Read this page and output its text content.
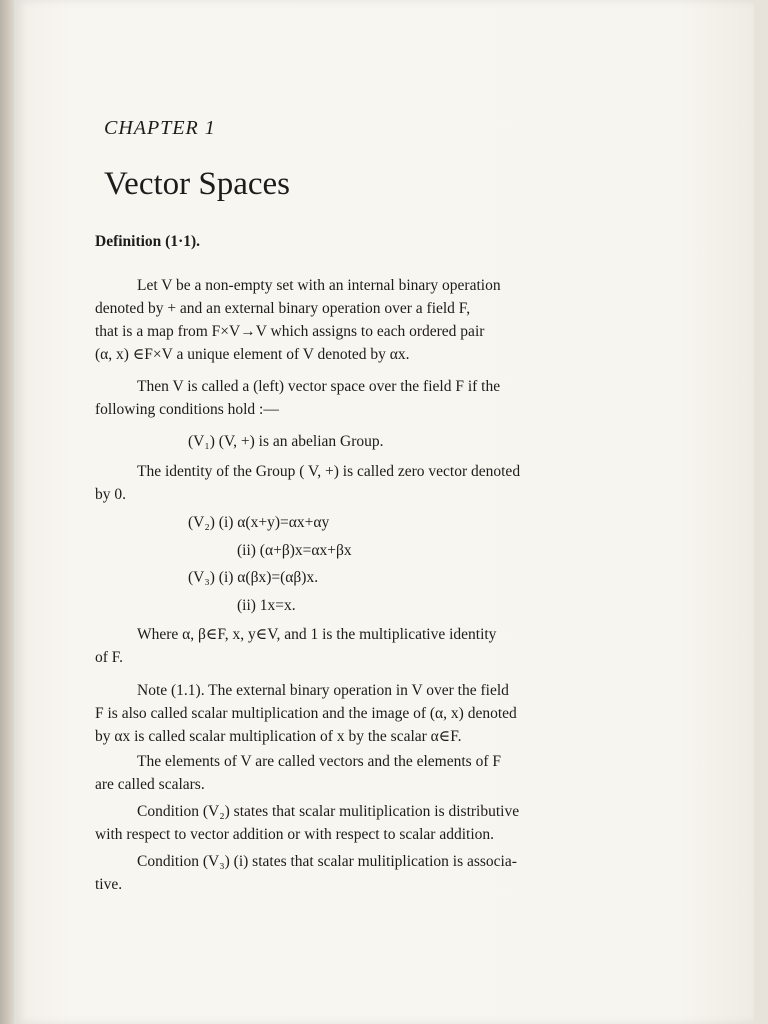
CHAPTER 1
Vector Spaces
Definition (1·1).
Let V be a non-empty set with an internal binary operation
denoted by + and an external binary operation over a field F,
that is a map from F×V→V which assigns to each ordered pair
(α, x) ∈F×V a unique element of V denoted by αx.
Then V is called a (left) vector space over the field F if the
following conditions hold :—
(V₁) (V, +) is an abelian Group.
The identity of the Group ( V, +) is called zero vector denoted
by 0.
(V₂) (i) α(x+y)=αx+αy
(ii) (α+β)x=αx+βx
(V₃) (i) α(βx)=(αβ)x.
(ii) 1x=x.
Where α, β∈F, x, y∈V, and 1 is the multiplicative identity
of F.
Note (1.1). The external binary operation in V over the field
F is also called scalar multiplication and the image of (α, x) denoted
by αx is called scalar multiplication of x by the scalar α∈F.
The elements of V are called vectors and the elements of F
are called scalars.
Condition (V₂) states that scalar mulitiplication is distributive
with respect to vector addition or with respect to scalar addition.
Condition (V₃) (i) states that scalar mulitiplication is associa-
tive.
